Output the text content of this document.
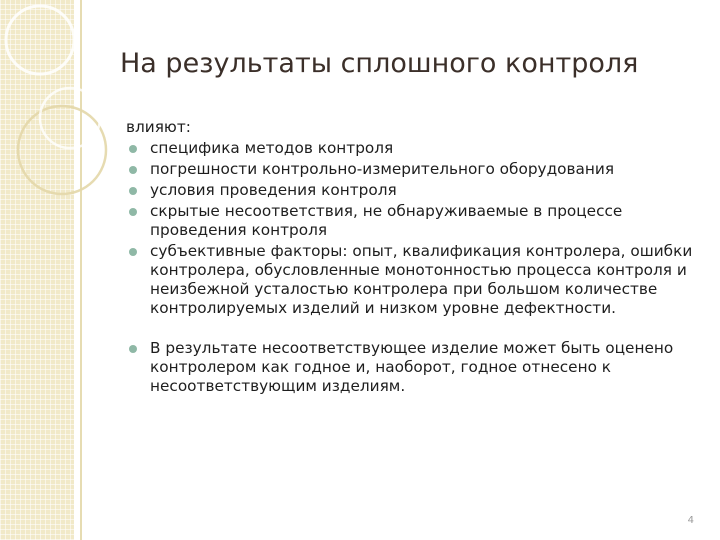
На результаты сплошного контроля

влияют:

специфика методов контроля
погрешности контрольно-измерительного оборудования
условия проведения контроля
скрытые несоответствия, не обнаруживаемые в процессе проведения контроля
субъективные факторы: опыт, квалификация контролера, ошибки контролера, обусловленные монотонностью процесса контроля и неизбежной усталостью контролера при большом количестве контролируемых изделий и низком уровне дефектности.
В результате несоответствующее изделие может быть оценено контролером как годное и, наоборот, годное отнесено к несоответствующим изделиям.
4
